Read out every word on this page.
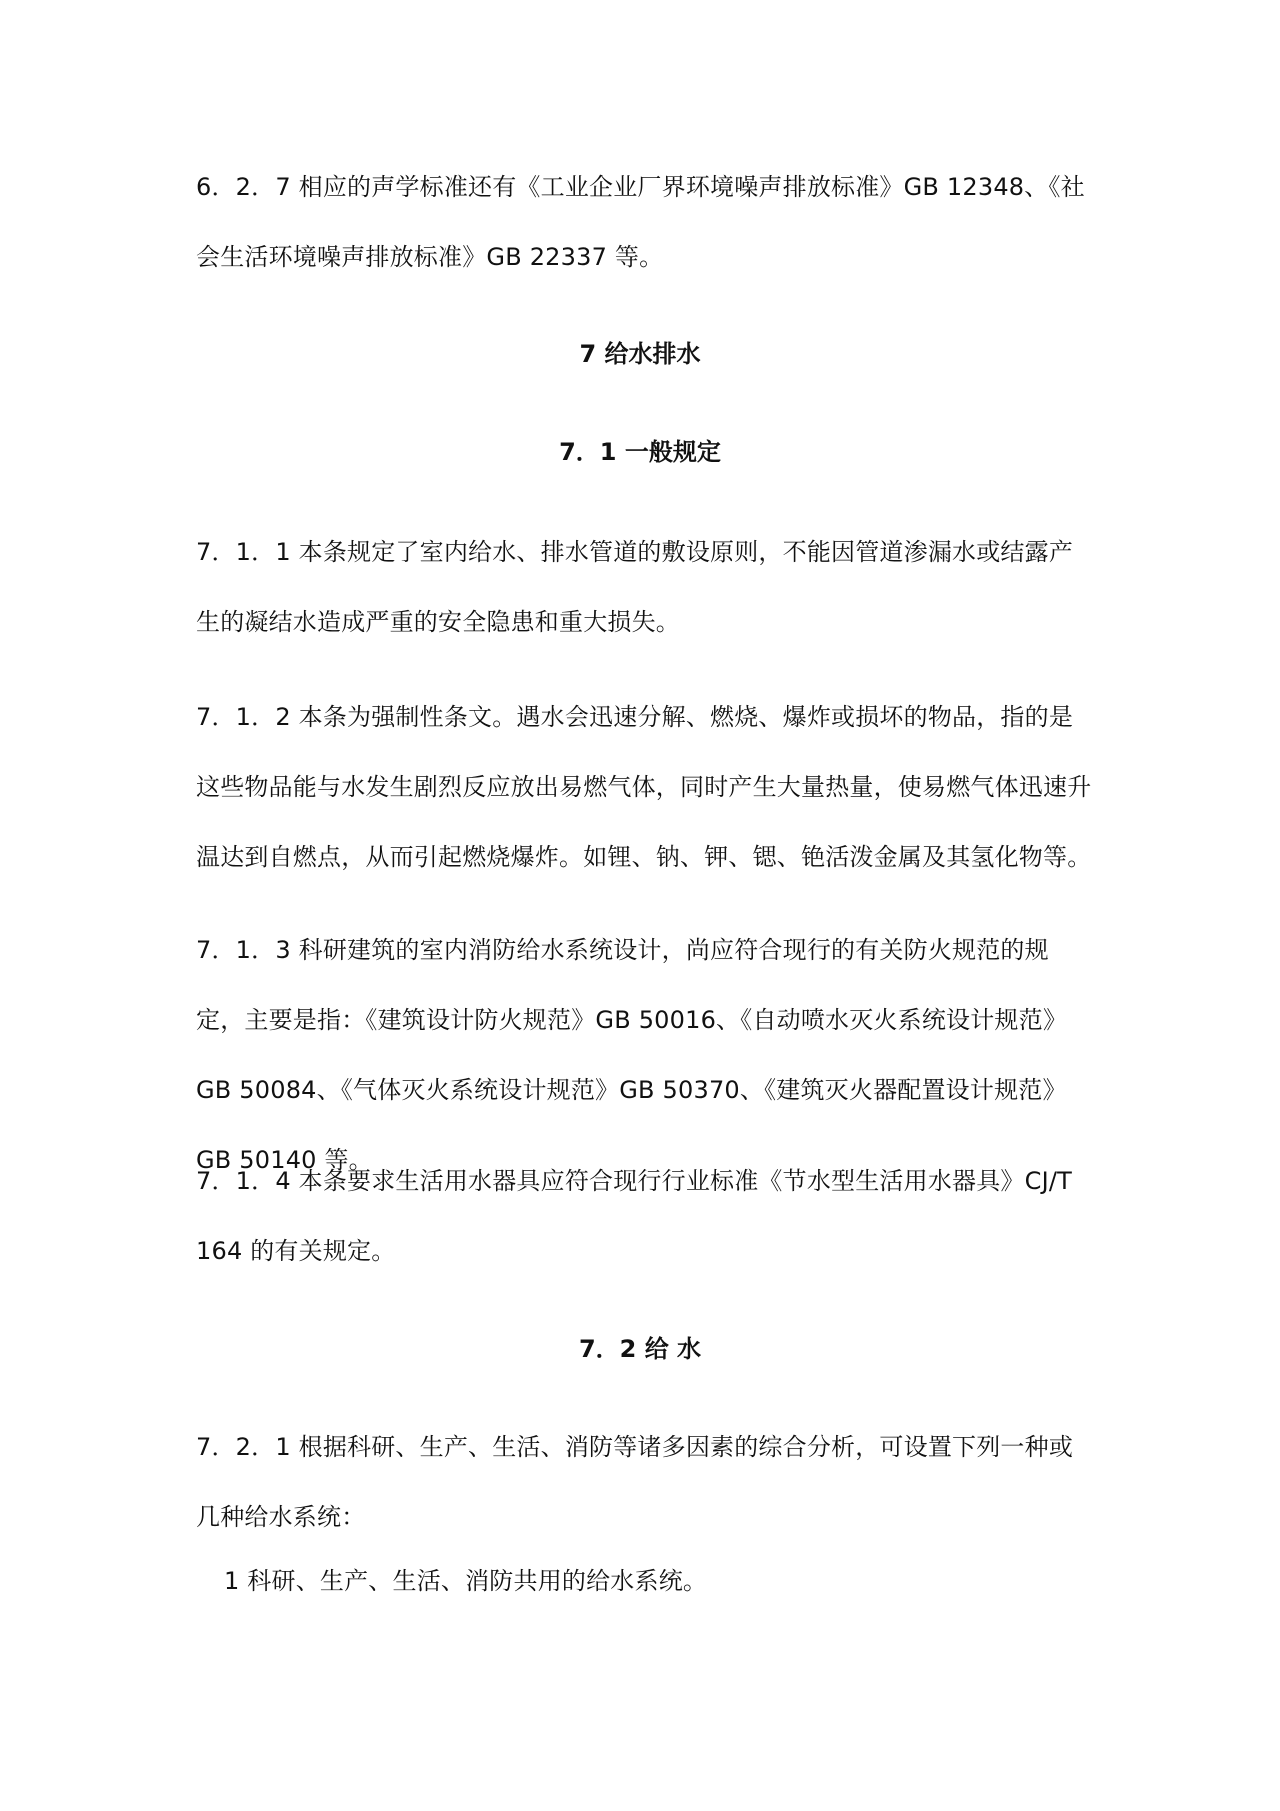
6．2．7 相应的声学标准还有《工业企业厂界环境噪声排放标准》GB 12348、《社会生活环境噪声排放标准》GB 22337 等。

7 给水排水
7．1 一般规定

7．1．1 本条规定了室内给水、排水管道的敷设原则，不能因管道渗漏水或结露产生的凝结水造成严重的安全隐患和重大损失。

7．1．2 本条为强制性条文。遇水会迅速分解、燃烧、爆炸或损坏的物品，指的是这些物品能与水发生剧烈反应放出易燃气体，同时产生大量热量，使易燃气体迅速升温达到自燃点，从而引起燃烧爆炸。如锂、钠、钾、锶、铯活泼金属及其氢化物等。

7．1．3 科研建筑的室内消防给水系统设计，尚应符合现行的有关防火规范的规定，主要是指：《建筑设计防火规范》GB 50016、《自动喷水灭火系统设计规范》GB 50084、《气体灭火系统设计规范》GB 50370、《建筑灭火器配置设计规范》GB 50140 等。

7．1．4 本条要求生活用水器具应符合现行行业标准《节水型生活用水器具》CJ/T 164 的有关规定。

7．2 给 水

7．2．1 根据科研、生产、生活、消防等诸多因素的综合分析，可设置下列一种或几种给水系统：

1 科研、生产、生活、消防共用的给水系统。
